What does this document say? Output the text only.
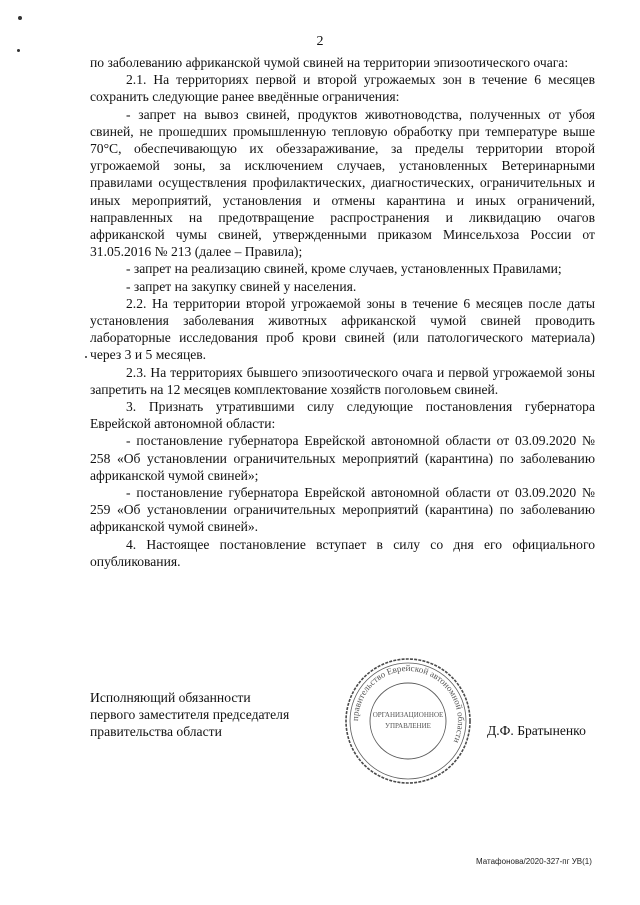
2

по заболеванию африканской чумой свиней на территории эпизоотического очага:

2.1. На территориях первой и второй угрожаемых зон в течение 6 месяцев сохранить следующие ранее введённые ограничения:

- запрет на вывоз свиней, продуктов животноводства, полученных от убоя свиней, не прошедших промышленную тепловую обработку при температуре выше 70°С, обеспечивающую их обеззараживание, за пределы территории второй угрожаемой зоны, за исключением случаев, установленных Ветеринарными правилами осуществления профилактических, диагностических, ограничительных и иных мероприятий, установления и отмены карантина и иных ограничений, направленных на предотвращение распространения и ликвидацию очагов африканской чумы свиней, утвержденными приказом Минсельхоза России от 31.05.2016 № 213 (далее – Правила);

- запрет на реализацию свиней, кроме случаев, установленных Правилами;

- запрет на закупку свиней у населения.

2.2. На территории второй угрожаемой зоны в течение 6 месяцев после даты установления заболевания животных африканской чумой свиней проводить лабораторные исследования проб крови свиней (или патологического материала) через 3 и 5 месяцев.

2.3. На территориях бывшего эпизоотического очага и первой угрожаемой зоны запретить на 12 месяцев комплектование хозяйств поголовьем свиней.

3. Признать утратившими силу следующие постановления губернатора Еврейской автономной области:

- постановление губернатора Еврейской автономной области от 03.09.2020 № 258 «Об установлении ограничительных мероприятий (карантина) по заболеванию африканской чумой свиней»;

- постановление губернатора Еврейской автономной области от 03.09.2020 № 259 «Об установлении ограничительных мероприятий (карантина) по заболеванию африканской чумой свиней».

4. Настоящее постановление вступает в силу со дня его официального опубликования.

Исполняющий обязанности
первого заместителя председателя
правительства области
правительство Еврейской автономной области
ОРГАНИЗАЦИОННОЕ
УПРАВЛЕНИЕ	Д.Ф. Братыненко
Матафонова/2020-327-пг УВ(1)
